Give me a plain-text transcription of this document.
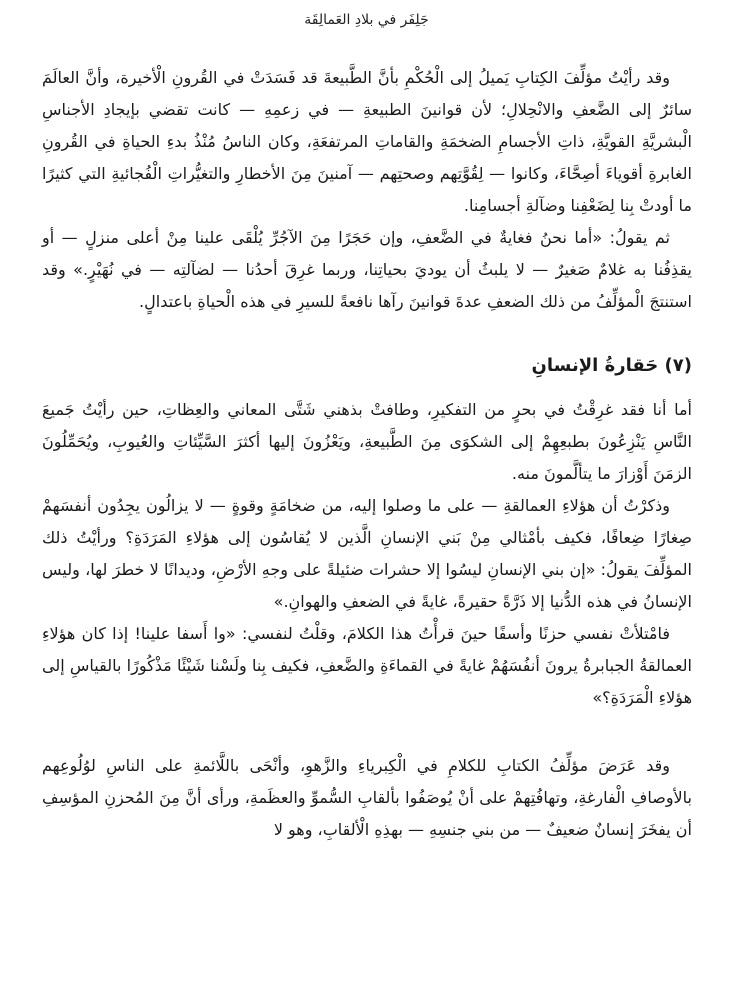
جَلِفَر في بلادِ العَمالِقَة

وقد رأيْتُ مؤلِّفَ الكِتابِ يَميلُ إلى الْحُكْمِ بأنَّ الطَّبيعةَ قد فَسَدَتْ في القُرونِ الْأخيرة، وأنَّ العالَمَ سائرٌ إلى الضَّعفِ والانْحِلالِ؛ لأن قوانينَ الطبيعةِ — في زعمِهِ — كانت تقضي بإيجادِ الأجناسِ الْبشريَّةِ القويَّةِ، ذاتِ الأجسامِ الضخمَةِ والقاماتِ المرتفعَةِ، وكان الناسُ مُنْذُ بدءِ الحياةِ في القُرونِ الغابرةِ أقوياءَ أصِحَّاءَ، وكانوا — لِقُوَّتِهم وصحتِهم — آمنينَ مِنَ الأخطارِ والتغيُّراتِ الْفُجائيةِ التي كثيرًا ما أودتْ بِنا لِضَعْفِنا وضآلةِ أجسامِنا.

ثم يقولُ: «أما نحنُ فغايةٌ في الضَّعفِ، وإن حَجَرًا مِنَ الآجُرِّ يُلْقَى علينا مِنْ أعلى منزلٍ — أو يقذِفُنا به غلامٌ صَغيرٌ — لا يلبثُ أن يوديَ بحياتِنا، وربما غرِقَ أحدُنا — لضآلتِه — في نُهَيْرٍ.» وقد استنتجَ الْمؤلِّفُ من ذلك الضعفِ عدةَ قوانينَ رآها نافعةً للسيرِ في هذه الْحياةِ باعتدالٍ.

(٧) حَقارةُ الإنسانِ

أما أنا فقد غرِقْتُ في بحرٍ من التفكيرِ، وطافتْ بذهني شَتَّى المعاني والعِظاتِ، حين رأيْتُ جَميعَ النَّاسِ يَنْزِعُونَ بطبعِهِمْ إلى الشكوَى مِنَ الطَّبيعةِ، ويَعْزُونَ إليها أكثرَ السَّيِّئاتِ والعُيوبِ، ويُحَمِّلُونَ الزمَنَ أَوْزارَ ما يتألَّمونَ منه.

وذكرْتُ أن هؤلاءِ العمالقةِ — على ما وصلوا إليه، من ضخامَةٍ وقوةٍ — لا يزالُون يجِدُون أنفسَهمْ صِغارًا ضِعافًا، فكيف بأمْثالي مِنْ بَني الإنسانِ الَّذين لا يُقاسُون إلى هؤلاءِ المَرَدَةِ؟ ورأيْتُ ذلك المؤلِّفَ يقولُ: «إن بني الإنسانِ ليسُوا إلا حشرات ضئيلةً على وجهِ الأرْضِ، وديدانًا لا خطرَ لها، وليس الإنسانُ في هذه الدُّنيا إلا ذَرَّةً حقيرةً، غايةً في الضعفِ والهوانِ.»

فامْتلأتْ نفسي حزنًا وأسفًا حينَ قرأْتُ هذا الكلامَ، وقلْتُ لنفسي: «وا أَسفا علينا! إذا كان هؤلاءِ العمالقةُ الجبابرةُ يرونَ أنفُسَهُمْ غايةً في القماءَةِ والضَّعفِ، فكيف بِنا ولَسْنا شَيْئًا مَذْكُورًا بالقياسِ إلى هؤلاءِ الْمَرَدَةِ؟»

وقد عَرَضَ مؤلِّفُ الكتابِ للكلامِ في الْكِبرياءِ والزَّهوِ، وأنْحَى باللَّائمةِ على الناسِ لوُلُوعِهم بالأوصافِ الْفارغةِ، وتهافُتِهمْ على أنْ يُوصَفُوا بألقابِ السُّموِّ والعظَمةِ، ورأى أنَّ مِنَ المُحزنِ المؤسِفِ أن يفخَرَ إنسانٌ ضعيفٌ — من بني جنسِهِ — بهذِهِ الْألقابِ، وهو لا
